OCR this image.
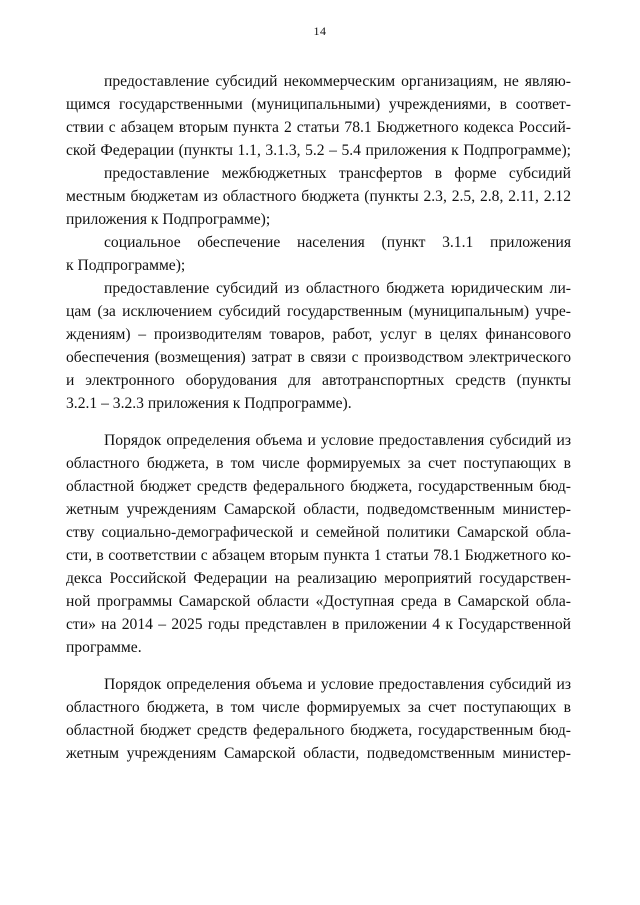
14
предоставление субсидий некоммерческим организациям, не являю-
щимся государственными (муниципальными) учреждениями, в соответ-
ствии с абзацем вторым пункта 2 статьи 78.1 Бюджетного кодекса Россий-
ской Федерации (пункты 1.1, 3.1.3, 5.2 – 5.4 приложения к Подпрограмме);
предоставление межбюджетных трансфертов в форме субсидий
местным бюджетам из областного бюджета (пункты 2.3, 2.5, 2.8, 2.11, 2.12
приложения к Подпрограмме);
социальное обеспечение населения (пункт 3.1.1 приложения
к Подпрограмме);
предоставление субсидий из областного бюджета юридическим ли-
цам (за исключением субсидий государственным (муниципальным) учре-
ждениям) – производителям товаров, работ, услуг в целях финансового
обеспечения (возмещения) затрат в связи с производством электрического
и электронного оборудования для автотранспортных средств (пункты
3.2.1 – 3.2.3 приложения к Подпрограмме).
Порядок определения объема и условие предоставления субсидий из
областного бюджета, в том числе формируемых за счет поступающих в
областной бюджет средств федерального бюджета, государственным бюд-
жетным учреждениям Самарской области, подведомственным министер-
ству социально-демографической и семейной политики Самарской обла-
сти, в соответствии с абзацем вторым пункта 1 статьи 78.1 Бюджетного ко-
декса Российской Федерации на реализацию мероприятий государствен-
ной программы Самарской области «Доступная среда в Самарской обла-
сти» на 2014 – 2025 годы представлен в приложении 4 к Государственной
программе.
Порядок определения объема и условие предоставления субсидий из
областного бюджета, в том числе формируемых за счет поступающих в
областной бюджет средств федерального бюджета, государственным бюд-
жетным учреждениям Самарской области, подведомственным министер-
